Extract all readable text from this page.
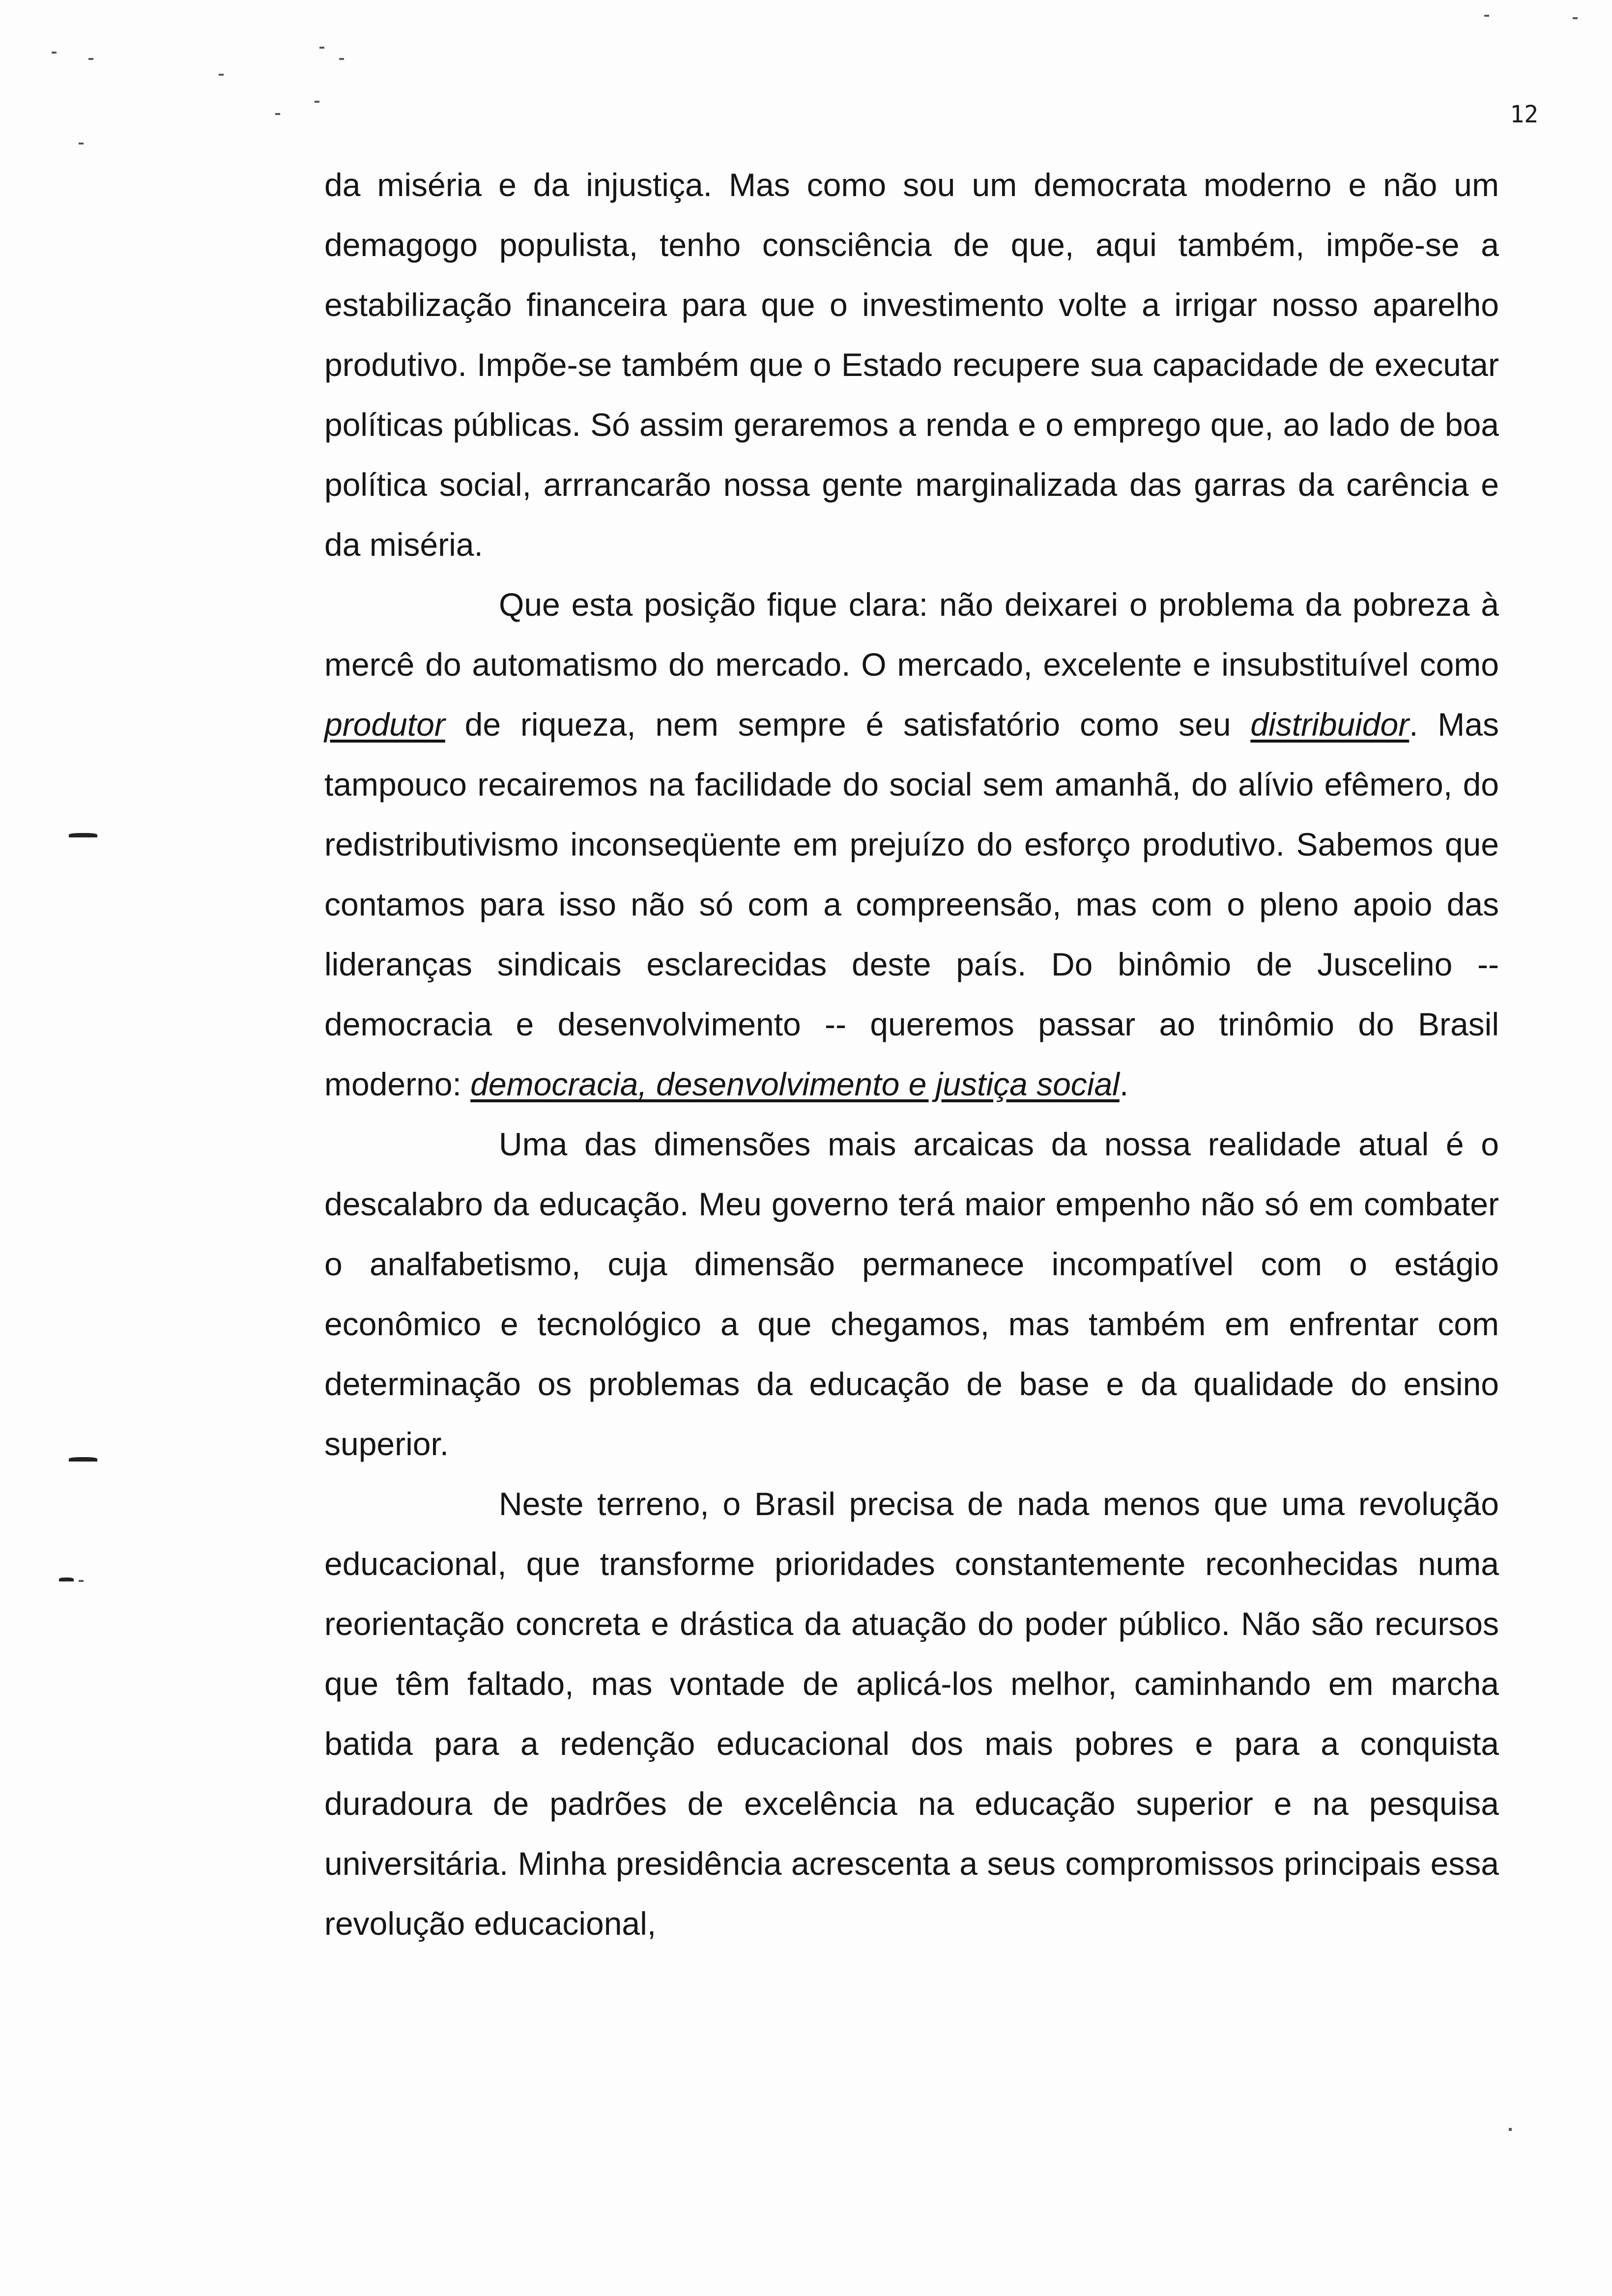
12

da miséria e da injustiça. Mas como sou um democrata moderno e não um demagogo populista, tenho consciência de que, aqui também, impõe-se a estabilização financeira para que o investimento volte a irrigar nosso aparelho produtivo. Impõe-se também que o Estado recupere sua capacidade de executar políticas públicas. Só assim geraremos a renda e o emprego que, ao lado de boa política social, arrrancarão nossa gente marginalizada das garras da carência e da miséria.

Que esta posição fique clara: não deixarei o problema da pobreza à mercê do automatismo do mercado. O mercado, excelente e insubstituível como produtor de riqueza, nem sempre é satisfatório como seu distribuidor. Mas tampouco recairemos na facilidade do social sem amanhã, do alívio efêmero, do redistributivismo inconseqüente em prejuízo do esforço produtivo. Sabemos que contamos para isso não só com a compreensão, mas com o pleno apoio das lideranças sindicais esclarecidas deste país. Do binômio de Juscelino -- democracia e desenvolvimento -- queremos passar ao trinômio do Brasil moderno: democracia, desenvolvimento e justiça social.

Uma das dimensões mais arcaicas da nossa realidade atual é o descalabro da educação. Meu governo terá maior empenho não só em combater o analfabetismo, cuja dimensão permanece incompatível com o estágio econômico e tecnológico a que chegamos, mas também em enfrentar com determinação os problemas da educação de base e da qualidade do ensino superior.

Neste terreno, o Brasil precisa de nada menos que uma revolução educacional, que transforme prioridades constantemente reconhecidas numa reorientação concreta e drástica da atuação do poder público. Não são recursos que têm faltado, mas vontade de aplicá-los melhor, caminhando em marcha batida para a redenção educacional dos mais pobres e para a conquista duradoura de padrões de excelência na educação superior e na pesquisa universitária. Minha presidência acrescenta a seus compromissos principais essa revolução educacional,
